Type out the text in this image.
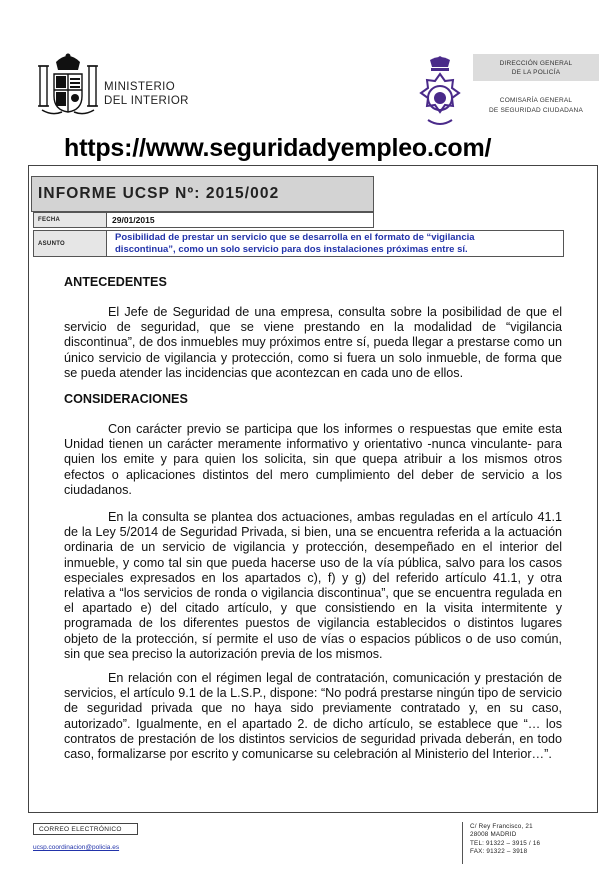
MINISTERIO
DEL INTERIOR
DIRECCIÓN GENERAL
DE LA POLICÍA
COMISARÍA GENERAL
DE SEGURIDAD CIUDADANA
https://www.seguridadyempleo.com/
INFORME UCSP Nº: 2015/002
FECHA	29/01/2015
ASUNTO
Posibilidad de prestar un servicio que se desarrolla en el formato de “vigilancia
discontinua”, como un solo servicio para dos instalaciones próximas entre sí.
ANTECEDENTES

El Jefe de Seguridad de una empresa, consulta sobre la posibilidad de que el servicio de seguridad, que se viene prestando en la modalidad de “vigilancia discontinua”, de dos inmuebles muy próximos entre sí, pueda llegar a prestarse como un único servicio de vigilancia y protección, como si fuera un solo inmueble, de forma que se pueda atender las incidencias que acontezcan en cada uno de ellos.

CONSIDERACIONES

Con carácter previo se participa que los informes o respuestas que emite esta Unidad tienen un carácter meramente informativo y orientativo -nunca vinculante- para quien los emite y para quien los solicita, sin que quepa atribuir a los mismos otros efectos o aplicaciones distintos del mero cumplimiento del deber de servicio a los ciudadanos.

En la consulta se plantea dos actuaciones, ambas reguladas en el artículo 41.1 de la Ley 5/2014 de Seguridad Privada, si bien, una se encuentra referida a la actuación ordinaria de un servicio de vigilancia y protección, desempeñado en el interior del inmueble, y como tal sin que pueda hacerse uso de la vía pública, salvo para los casos especiales expresados en los apartados c), f) y g) del referido artículo 41.1, y otra relativa a “los servicios de ronda o vigilancia discontinua”, que se encuentra regulada en el apartado e) del citado artículo, y que consistiendo en la visita intermitente y programada de los diferentes puestos de vigilancia establecidos o distintos lugares objeto de la protección, sí permite el uso de vías o espacios públicos o de uso común, sin que sea preciso la autorización previa de los mismos.

En relación con el régimen legal de contratación, comunicación y prestación de servicios, el artículo 9.1 de la L.S.P., dispone: “No podrá prestarse ningún tipo de servicio de seguridad privada que no haya sido previamente contratado y, en su caso, autorizado”. Igualmente, en el apartado 2. de dicho artículo, se establece que “… los contratos de prestación de los distintos servicios de seguridad privada deberán, en todo caso, formalizarse por escrito y comunicarse su celebración al Ministerio del Interior…”.

CORREO ELECTRÓNICO
ucsp.coordinacion@policia.es
C/ Rey Francisco, 21
28008 MADRID
TEL: 91322 – 3915 / 16
FAX: 91322 – 3918
